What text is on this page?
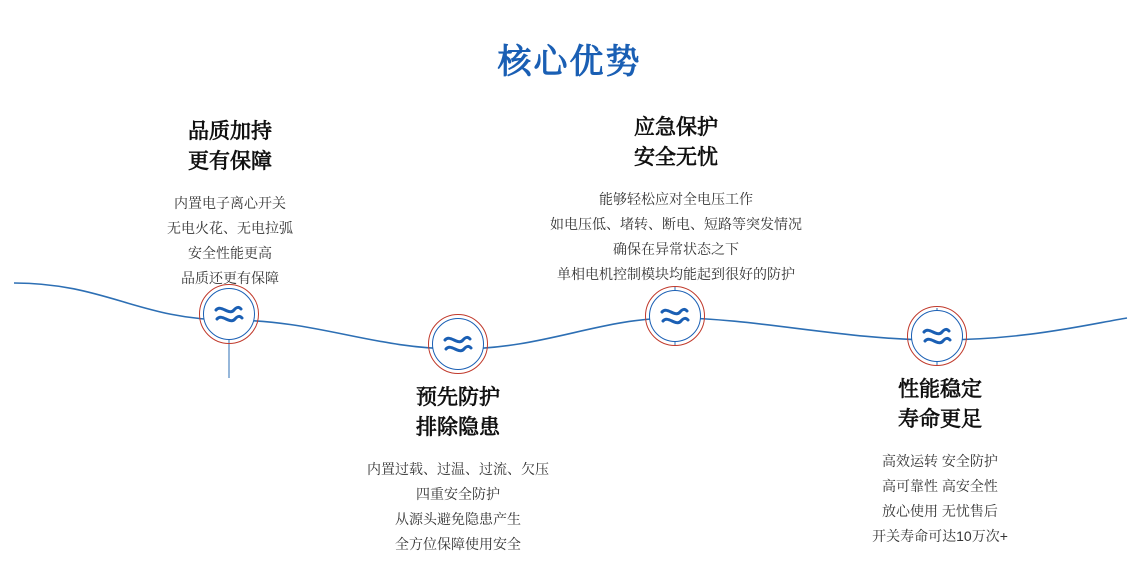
核心优势
品质加持
更有保障
内置电子离心开关
无电火花、无电拉弧
安全性能更高
品质还更有保障
预先防护
排除隐患
内置过载、过温、过流、欠压
四重安全防护
从源头避免隐患产生
全方位保障使用安全
应急保护
安全无忧
能够轻松应对全电压工作
如电压低、堵转、断电、短路等突发情况
确保在异常状态之下
单相电机控制模块均能起到很好的防护
性能稳定
寿命更足
高效运转 安全防护
高可靠性 高安全性
放心使用 无忧售后
开关寿命可达10万次+
